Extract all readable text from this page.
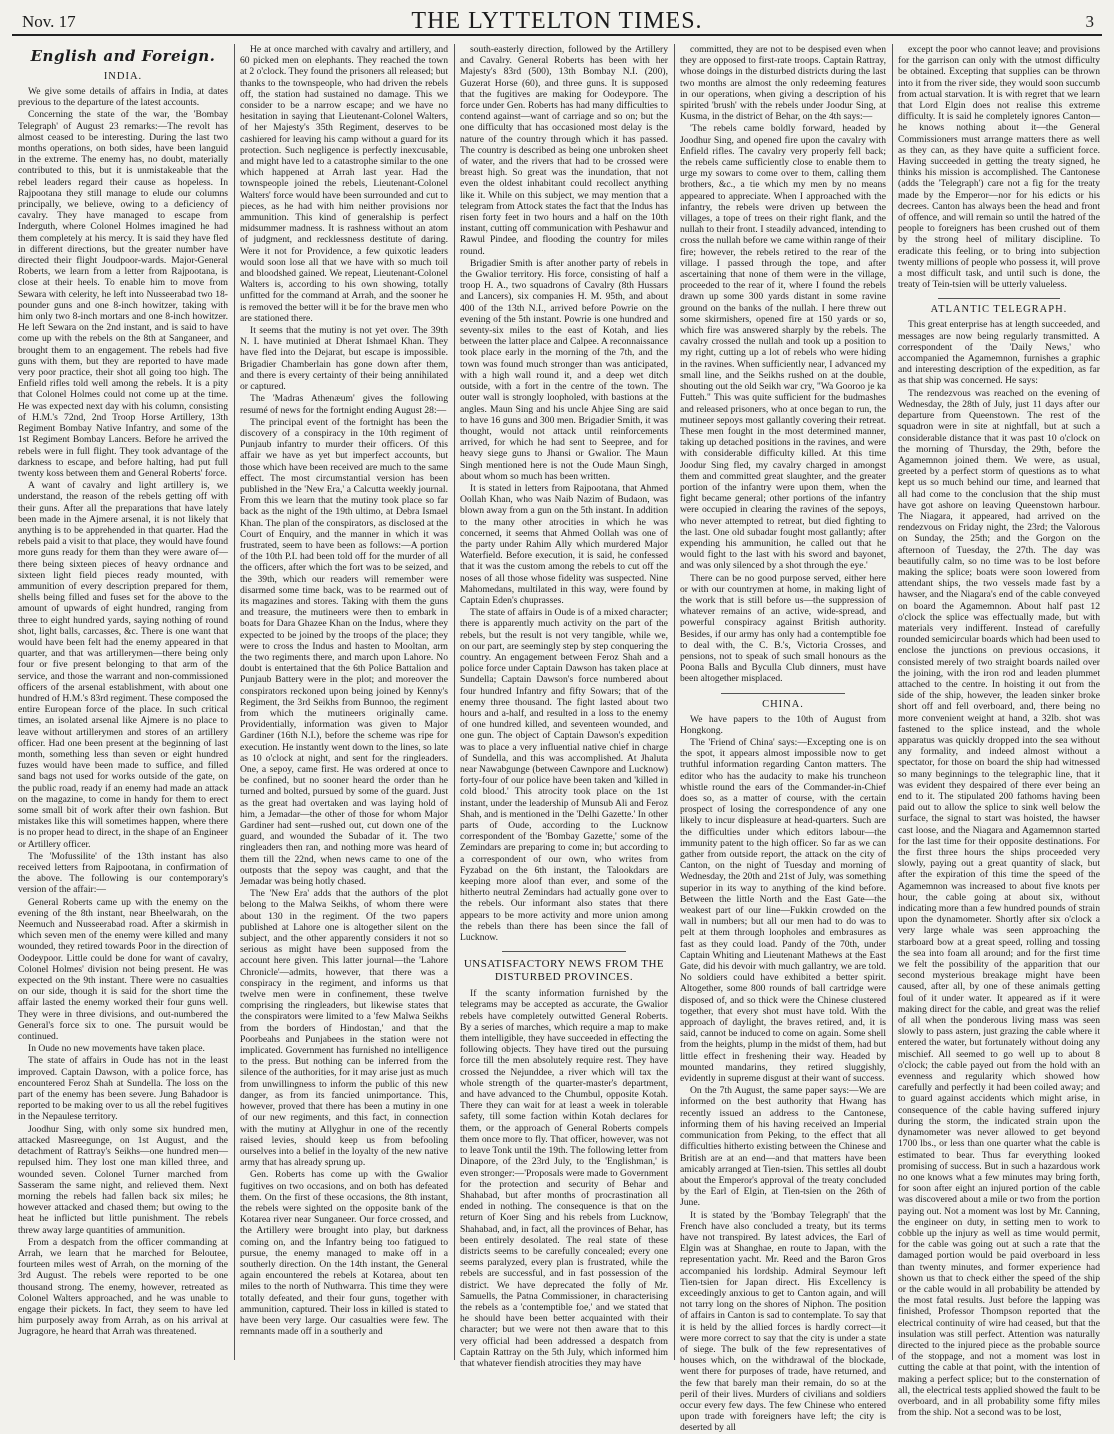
Nov. 17	THE LYTTELTON TIMES.	3
English and Foreign.
INDIA.

We give some details of affairs in India, at dates previous to the departure of the latest accounts.

Concerning the state of the war, the 'Bombay Telegraph' of August 23 remarks:—The revolt has almost ceased to be interesting. During the last two months operations, on both sides, have been languid in the extreme. The enemy has, no doubt, materially contributed to this, but it is unmistakeable that the rebel leaders regard their cause as hopeless. In Rajpootana they still manage to elude our columns principally, we believe, owing to a deficiency of cavalry. They have managed to escape from Inderguth, where Colonel Holmes imagined he had them completely at his mercy. It is said they have fled in different directions, but the greater number have directed their flight Joudpoor-wards. Major-General Roberts, we learn from a letter from Rajpootana, is close at their heels. To enable him to move from Sewara with celerity, he left into Nusseerabad two 18-pounder guns and one 8-inch howitzer, taking with him only two 8-inch mortars and one 8-inch howitzer. He left Sewara on the 2nd instant, and is said to have come up with the rebels on the 8th at Sanganeer, and brought them to an engagement. The rebels had five guns with them, but they are reported to have made very poor practice, their shot all going too high. The Enfield rifles told well among the rebels. It is a pity that Colonel Holmes could not come up at the time. He was expected next day with his column, consisting of H.M.'s 72nd, 2nd Troop Horse Artillery, 13th Regiment Bombay Native Infantry, and some of the 1st Regiment Bombay Lancers. Before he arrived the rebels were in full flight. They took advantage of the darkness to escape, and before halting, had put full twenty koss between them and General Roberts' force.

A want of cavalry and light artillery is, we understand, the reason of the rebels getting off with their guns. After all the preparations that have lately been made in the Ajmere arsenal, it is not likely that anything is to be apprehended in that quarter. Had the rebels paid a visit to that place, they would have found more guns ready for them than they were aware of—there being sixteen pieces of heavy ordnance and sixteen light field pieces ready mounted, with ammunition of every description prepared for them, shells being filled and fuses set for the above to the amount of upwards of eight hundred, ranging from three to eight hundred yards, saying nothing of round shot, light balls, carcasses, &c. There is one want that would have been felt had the enemy appeared in that quarter, and that was artillerymen—there being only four or five present belonging to that arm of the service, and those the warrant and non-commissioned officers of the arsenal establishment, with about one hundred of H.M.'s 83rd regiment. These composed the entire European force of the place. In such critical times, an isolated arsenal like Ajmere is no place to leave without artillerymen and stores of an artillery officer. Had one been present at the beginning of last month, something less than seven or eight hundred fuzes would have been made to suffice, and filled sand bags not used for works outside of the gate, on the public road, ready if an enemy had made an attack on the magazine, to come in handy for them to erect some small bit of work after their own fashion. But mistakes like this will sometimes happen, where there is no proper head to direct, in the shape of an Engineer or Artillery officer.

The 'Mofussilite' of the 13th instant has also received letters from Rajpootana, in confirmation of the above. The following is our contemporary's version of the affair:—

General Roberts came up with the enemy on the evening of the 8th instant, near Bheelwarah, on the Neemuch and Nusseerabad road. After a skirmish in which seven men of the enemy were killed and many wounded, they retired towards Poor in the direction of Oodeypoor. Little could be done for want of cavalry, Colonel Holmes' division not being present. He was expected on the 9th instant. There were no casualties on our side, though it is said for the short time the affair lasted the enemy worked their four guns well. They were in three divisions, and out-numbered the General's force six to one. The pursuit would be continued.

In Oude no new movements have taken place.

The state of affairs in Oude has not in the least improved. Captain Dawson, with a police force, has encountered Feroz Shah at Sundella. The loss on the part of the enemy has been severe. Jung Bahadoor is reported to be making over to us all the rebel fugitives in the Nepaulese territory.

Joodhur Sing, with only some six hundred men, attacked Masreegunge, on 1st August, and the detachment of Rattray's Seikhs—one hundred men—repulsed him. They lost one man killed three, and wounded seven. Colonel Turner marched from Sasseram the same night, and relieved them. Next morning the rebels had fallen back six miles; he however attacked and chased them; but owing to the heat he inflicted but little punishment. The rebels threw away large quantities of ammunition.

From a despatch from the officer commanding at Arrah, we learn that he marched for Beloutee, fourteen miles west of Arrah, on the morning of the 3rd August. The rebels were reported to be one thousand strong. The enemy, however, retreated as Colonel Walters approached, and he was unable to engage their pickets. In fact, they seem to have led him purposely away from Arrah, as on his arrival at Jugragore, he heard that Arrah was threatened.

He at once marched with cavalry and artillery, and 60 picked men on elephants. They reached the town at 2 o'clock. They found the prisoners all released; but thanks to the townspeople, who had driven the rebels off, the station had sustained no damage. This we consider to be a narrow escape; and we have no hesitation in saying that Lieutenant-Colonel Walters, of her Majesty's 35th Regiment, deserves to be cashiered for leaving his camp without a guard for its protection. Such negligence is perfectly inexcusable, and might have led to a catastrophe similar to the one which happened at Arrah last year. Had the townspeople joined the rebels, Lieutenant-Colonel Walters' force would have been surrounded and cut to pieces, as he had with him neither provisions nor ammunition. This kind of generalship is perfect midsummer madness. It is rashness without an atom of judgment, and recklessness destitute of daring. Were it not for Providence, a few quixotic leaders would soon lose all that we have with so much toil and bloodshed gained. We repeat, Lieutenant-Colonel Walters is, according to his own showing, totally unfitted for the command at Arrah, and the sooner he is removed the better will it be for the brave men who are stationed there.

It seems that the mutiny is not yet over. The 39th N. I. have mutinied at Dherat Ishmael Khan. They have fled into the Dejarat, but escape is impossible. Brigadier Chamberlain has gone down after them, and there is every certainty of their being annihilated or captured.

The 'Madras Athenæum' gives the following resumé of news for the fortnight ending August 28:—

The principal event of the fortnight has been the discovery of a conspiracy in the 10th regiment of Punjaub infantry to murder their officers. Of this affair we have as yet but imperfect accounts, but those which have been received are much to the same effect. The most circumstantial version has been published in the 'New Era,' a Calcutta weekly journal. From this we learn that the mutiny took place so far back as the night of the 19th ultimo, at Debra Ismael Khan. The plan of the conspirators, as disclosed at the Court of Enquiry, and the manner in which it was frustrated, seem to have been as follows:—A portion of the 10th P.I. had been told off for the murder of all the officers, after which the fort was to be seized, and the 39th, which our readers will remember were disarmed some time back, was to be rearmed out of its magazines and stores. Taking with them the guns and treasure, the mutineers were then to embark in boats for Dara Ghazee Khan on the Indus, where they expected to be joined by the troops of the place; they were to cross the Indus and hasten to Mooltan, arm the two regiments there, and march upon Lahore. No doubt is entertained that the 6th Police Battalion and Punjaub Battery were in the plot; and moreover the conspirators reckoned upon being joined by Kenny's Regiment, the 3rd Seikhs from Bunnoo, the regiment from which the mutineers originally came. Providentially, information was given to Major Gardiner (16th N.I.), before the scheme was ripe for execution. He instantly went down to the lines, so late as 10 o'clock at night, and sent for the ringleaders. One, a sepoy, came first. He was ordered at once to be confined, but no sooner heard the order than he turned and bolted, pursued by some of the guard. Just as the great had overtaken and was laying hold of him, a Jemadar—the other of those for whom Major Gardiner had sent—rushed out, cut down one of the guard, and wounded the Subadar of it. The two ringleaders then ran, and nothing more was heard of them till the 22nd, when news came to one of the outposts that the sepoy was caught, and that the Jemadar was being hotly chased.

The 'New Era' adds that the authors of the plot belong to the Malwa Seikhs, of whom there were about 130 in the regiment. Of the two papers published at Lahore one is altogether silent on the subject, and the other apparently considers it not so serious as might have been supposed from the account here given. This latter journal—the 'Lahore Chronicle'—admits, however, that there was a conspiracy in the regiment, and informs us that twelve men were in confinement, these twelve comprising the ringleaders, but likewise states that the conspirators were limited to a 'few Malwa Seikhs from the borders of Hindostan,' and that the Poorbeahs and Punjabees in the station were not implicated. Government has furnished no intelligence to the press. But nothing can be inferred from the silence of the authorities, for it may arise just as much from unwillingness to inform the public of this new danger, as from its fancied unimportance. This, however, proved that there has been a mutiny in one of our new regiments, and this fact, in connection with the mutiny at Allyghur in one of the recently raised levies, should keep us from befooling ourselves into a belief in the loyalty of the new native army that has already sprung up.

Gen. Roberts has come up with the Gwalior fugitives on two occasions, and on both has defeated them. On the first of these occasions, the 8th instant, the rebels were sighted on the opposite bank of the Kotarea river near Sunganeer. Our force crossed, and the Artillery were brought into play, but darkness coming on, and the Infantry being too fatigued to pursue, the enemy managed to make off in a southerly direction. On the 14th instant, the General again encountered the rebels at Kotarea, about ten miles to the north of Nuthwarra. This time they were totally defeated, and their four guns, together with ammunition, captured. Their loss in killed is stated to have been very large. Our casualties were few. The remnants made off in a southerly and

south-easterly direction, followed by the Artillery and Cavalry. General Roberts has been with her Majesty's 83rd (500), 13th Bombay N.I. (200), Guzerat Horse (60), and three guns. It is supposed that the fugitives are making for Oodeypore. The force under Gen. Roberts has had many difficulties to contend against—want of carriage and so on; but the one difficulty that has occasioned most delay is the nature of the country through which it has passed. The country is described as being one unbroken sheet of water, and the rivers that had to be crossed were breast high. So great was the inundation, that not even the oldest inhabitant could recollect anything like it. While on this subject, we may mention that a telegram from Attock states the fact that the Indus has risen forty feet in two hours and a half on the 10th instant, cutting off communication with Peshawur and Rawul Pindee, and flooding the country for miles round.

Brigadier Smith is after another party of rebels in the Gwalior territory. His force, consisting of half a troop H. A., two squadrons of Cavalry (8th Hussars and Lancers), six companies H. M. 95th, and about 400 of the 13th N.I., arrived before Powrie on the evening of the 5th instant. Powrie is one hundred and seventy-six miles to the east of Kotah, and lies between the latter place and Calpee. A reconnaissance took place early in the morning of the 7th, and the town was found much stronger than was anticipated, with a high wall round it, and a deep wet ditch outside, with a fort in the centre of the town. The outer wall is strongly loopholed, with bastions at the angles. Maun Sing and his uncle Ahjee Sing are said to have 16 guns and 300 men. Brigadier Smith, it was thought, would not attack until reinforcements arrived, for which he had sent to Seepree, and for heavy siege guns to Jhansi or Gwalior. The Maun Singh mentioned here is not the Oude Maun Singh, about whom so much has been written.

It is stated in letters from Rajpootana, that Ahmed Oollah Khan, who was Naib Nazim of Budaon, was blown away from a gun on the 5th instant. In addition to the many other atrocities in which he was concerned, it seems that Ahmed Oollah was one of the party under Rahim Ally which murdered Major Waterfield. Before execution, it is said, he confessed that it was the custom among the rebels to cut off the noses of all those whose fidelity was suspected. Nine Mahomedans, multilated in this way, were found by Captain Eden's chuprasses.

The state of affairs in Oude is of a mixed character; there is apparently much activity on the part of the rebels, but the result is not very tangible, while we, on our part, are seemingly step by step conquering the country. An engagement between Feroz Shah and a police force under Captain Dawson has taken place at Sundella; Captain Dawson's force numbered about four hundred Infantry and fifty Sowars; that of the enemy three thousand. The fight lasted about two hours and a-half, and resulted in a loss to the enemy of one hundred killed, and seventeen wounded, and one gun. The object of Captain Dawson's expedition was to place a very influential native chief in charge of Sundella, and this was accomplished. At Jhaluta near Nawabgunge (between Cawnpore and Lucknow) forty-four of our police have been taken and 'killed in cold blood.' This atrocity took place on the 1st instant, under the leadership of Munsub Ali and Feroz Shah, and is mentioned in the 'Delhi Gazette.' In other parts of Oude, according to the Lucknow correspondent of the 'Bombay Gazette,' some of the Zemindars are preparing to come in; but according to a correspondent of our own, who writes from Fyzabad on the 6th instant, the Talookdars are keeping more aloof than ever, and some of the hitherto neutral Zemindars had actually gone over to the rebels. Our informant also states that there appears to be more activity and more union among the rebels than there has been since the fall of Lucknow.

UNSATISFACTORY NEWS FROM THE DISTURBED PROVINCES.

If the scanty information furnished by the telegrams may be accepted as accurate, the Gwalior rebels have completely outwitted General Roberts. By a series of marches, which require a map to make them intelligible, they have succeeded in effecting the following objects. They have tired out the pursuing force till the men absolutely require rest. They have crossed the Nejunddee, a river which will tax the whole strength of the quarter-master's department, and have advanced to the Chumbul, opposite Kotah. There they can wait for at least a week in tolerable safety, till some faction within Kotah declares for them, or the approach of General Roberts compels them once more to fly. That officer, however, was not to leave Tonk until the 19th. The following letter from Dinapore, of the 23rd July, to the 'Englishman,' is even stronger:—'Proposals were made to Government for the protection and security of Behar and Shahabad, but after months of procrastination all ended in nothing. The consequence is that on the return of Koer Sing and his rebels from Lucknow, Shahabad, and, in fact, all the provinces of Behar, has been entirely desolated. The real state of these districts seems to be carefully concealed; every one seems paralyzed, every plan is frustrated, while the rebels are successful, and in fast possession of the district. We have deprecated the folly of Mr. Samuells, the Patna Commissioner, in characterising the rebels as a 'contemptible foe,' and we stated that he should have been better acquainted with their character; but we were not then aware that to this very official had been addressed a despatch from Captain Rattray on the 5th July, which informed him that whatever fiendish atrocities they may have

committed, they are not to be despised even when they are opposed to first-rate troops. Captain Rattray, whose doings in the disturbed districts during the last two months are almost the only redeeming features in our operations, when giving a description of his spirited 'brush' with the rebels under Joodur Sing, at Kusma, in the district of Behar, on the 4th says:—

'The rebels came boldly forward, headed by Joodhur Sing, and opened fire upon the cavalry with Enfield rifles. The cavalry very properly fell back; the rebels came sufficiently close to enable them to urge my sowars to come over to them, calling them brothers, &c., a tie which my men by no means appeared to appreciate. When I approached with the infantry, the rebels were driven up between the villages, a tope of trees on their right flank, and the nullah to their front. I steadily advanced, intending to cross the nullah before we came within range of their fire; however, the rebels retired to the rear of the village. I passed through the tope, and after ascertaining that none of them were in the village, proceeded to the rear of it, where I found the rebels drawn up some 300 yards distant in some ravine ground on the banks of the nullah. I here threw out some skirmishers, opened fire at 150 yards or so, which fire was answered sharply by the rebels. The cavalry crossed the nullah and took up a position to my right, cutting up a lot of rebels who were hiding in the ravines. When sufficiently near, I advanced my small line, and the Seikhs rushed on at the double, shouting out the old Seikh war cry, "Wa Gooroo je ka Futteh." This was quite sufficient for the budmashes and released prisoners, who at once began to run, the mutineer sepoys most gallantly covering their retreat. These men fought in the most determined manner, taking up detached positions in the ravines, and were with considerable difficulty killed. At this time Joodur Sing fled, my cavalry charged in amongst them and committed great slaughter, and the greater portion of the infantry were upon them, when the fight became general; other portions of the infantry were occupied in clearing the ravines of the sepoys, who never attempted to retreat, but died fighting to the last. One old subadar fought most gallantly; after expending his ammunition, he called out that he would fight to the last with his sword and bayonet, and was only silenced by a shot through the eye.'

There can be no good purpose served, either here or with our countrymen at home, in making light of the work that is still before us—the suppression of whatever remains of an active, wide-spread, and powerful conspiracy against British authority. Besides, if our army has only had a contemptible foe to deal with, the C. B.'s, Victoria Crosses, and pensions, not to speak of such small honours as the Poona Balls and Byculla Club dinners, must have been altogether misplaced.

CHINA.

We have papers to the 10th of August from Hongkong.

The 'Friend of China' says:—Excepting one is on the spot, it appears almost impossible now to get truthful information regarding Canton matters. The editor who has the audacity to make his truncheon whistle round the ears of the Commander-in-Chief does so, as a matter of course, with the certain prospect of losing the correspondence of any one likely to incur displeasure at head-quarters. Such are the difficulties under which editors labour—the immunity patent to the high officer. So far as we can gather from outside report, the attack on the city of Canton, on the night of Tuesday and morning of Wednesday, the 20th and 21st of July, was something superior in its way to anything of the kind before. Between the little North and the East Gate—the weakest part of our line—Fukkin crowded on the wall in numbers; but all our men had to do was to pelt at them through loopholes and embrasures as fast as they could load. Pandy of the 70th, under Captain Whiting and Lieutenant Mathews at the East Gate, did his devoir with much gallantry, we are told. No soldiers could have exhibited a better spirit. Altogether, some 800 rounds of ball cartridge were disposed of, and so thick were the Chinese clustered together, that every shot must have told. With the approach of daylight, the braves retired, and, it is said, cannot be induced to come on again. Some shell from the heights, plump in the midst of them, had but little effect in freshening their way. Headed by mounted mandarins, they retired sluggishly, evidently in supreme disgust at their want of success.

On the 7th August, the same paper says:—We are informed on the best authority that Hwang has recently issued an address to the Cantonese, informing them of his having received an Imperial communication from Peking, to the effect that all difficulties hitherto existing between the Chinese and British are at an end—and that matters have been amicably arranged at Tien-tsien. This settles all doubt about the Emperor's approval of the treaty concluded by the Earl of Elgin, at Tien-tsien on the 26th of June.

It is stated by the 'Bombay Telegraph' that the French have also concluded a treaty, but its terms have not transpired. By latest advices, the Earl of Elgin was at Shanghae, en route to Japan, with the representation yacht. Mr. Reed and the Baron Gros accompanied his lordship. Admiral Seymour left Tien-tsien for Japan direct. His Excellency is exceedingly anxious to get to Canton again, and will not tarry long on the shores of Niphon. The position of affairs in Canton is sad to contemplate. To say that it is held by the allied forces is hardly correct—it were more correct to say that the city is under a state of siege. The bulk of the few representatives of houses which, on the withdrawal of the blockade, went there for purposes of trade, have returned, and the few that barely man their remain, do so at the peril of their lives. Murders of civilians and soldiers occur every few days. The few Chinese who entered upon trade with foreigners have left; the city is deserted by all

except the poor who cannot leave; and provisions for the garrison can only with the utmost difficulty be obtained. Excepting that supplies can be thrown into it from the river side, they would soon succumb from actual starvation. It is with regret that we learn that Lord Elgin does not realise this extreme difficulty. It is said he completely ignores Canton—he knows nothing about it—the General Commissioners must arrange matters there as well as they can, as they have quite a sufficient force. Having succeeded in getting the treaty signed, he thinks his mission is accomplished. The Cantonese (adds the 'Telegraph') care not a fig for the treaty made by the Emperor—nor for his edicts or his decrees. Canton has always been the head and front of offence, and will remain so until the hatred of the people to foreigners has been crushed out of them by the strong heel of military discipline. To eradicate this feeling, or to bring into subjection twenty millions of people who possess it, will prove a most difficult task, and until such is done, the treaty of Tein-tsien will be utterly valueless.

ATLANTIC TELEGRAPH.

This great enterprise has at length succeeded, and messages are now being regularly transmitted. A correspondent of the 'Daily News,' who accompanied the Agamemnon, furnishes a graphic and interesting description of the expedition, as far as that ship was concerned. He says:

The rendezvous was reached on the evening of Wednesday, the 28th of July, just 11 days after our departure from Queenstown. The rest of the squadron were in site at nightfall, but at such a considerable distance that it was past 10 o'clock on the morning of Thursday, the 29th, before the Agamemnon joined them. We were, as usual, greeted by a perfect storm of questions as to what kept us so much behind our time, and learned that all had come to the conclusion that the ship must have got ashore on leaving Queenstown harbour. The Niagara, it appeared, had arrived on the rendezvous on Friday night, the 23rd; the Valorous on Sunday, the 25th; and the Gorgon on the afternoon of Tuesday, the 27th. The day was beautifully calm, so no time was to be lost before making the splice; boats were soon lowered from attendant ships, the two vessels made fast by a hawser, and the Niagara's end of the cable conveyed on board the Agamemnon. About half past 12 o'clock the splice was effectually made, but with materials very indifferent. Instead of carefully rounded semicircular boards which had been used to enclose the junctions on previous occasions, it consisted merely of two straight boards nailed over the joining, with the iron rod and leaden plummet attached to the centre. In hoisting it out from the side of the ship, however, the leaden sinker broke short off and fell overboard, and, there being no more convenient weight at hand, a 32lb. shot was fastened to the splice instead, and the whole apparatus was quickly dropped into the sea without any formality, and indeed almost without a spectator, for those on board the ship had witnessed so many beginnings to the telegraphic line, that it was evident they despaired of there ever being an end to it. The stipulated 200 fathoms having been paid out to allow the splice to sink well below the surface, the signal to start was hoisted, the hawser cast loose, and the Niagara and Agamemnon started for the last time for their opposite destinations. For the first three hours the ships proceeded very slowly, paying out a great quantity of slack, but after the expiration of this time the speed of the Agamemnon was increased to about five knots per hour, the cable going at about six, without indicating more than a few hundred pounds of strain upon the dynamometer. Shortly after six o'clock a very large whale was seen approaching the starboard bow at a great speed, rolling and tossing the sea into foam all around; and for the first time we felt the possibility of the apparition that our second mysterious breakage might have been caused, after all, by one of these animals getting foul of it under water. It appeared as if it were making direct for the cable, and great was the relief of all when the ponderous living mass was seen slowly to pass astern, just grazing the cable where it entered the water, but fortunately without doing any mischief. All seemed to go well up to about 8 o'clock; the cable payed out from the hold with an evenness and regularity which showed how carefully and perfectly it had been coiled away; and to guard against accidents which might arise, in consequence of the cable having suffered injury during the storm, the indicated strain upon the dynamometer was never allowed to get beyond 1700 lbs., or less than one quarter what the cable is estimated to bear. Thus far everything looked promising of success. But in such a hazardous work no one knows what a few minutes may bring forth, for soon after eight an injured portion of the cable was discovered about a mile or two from the portion paying out. Not a moment was lost by Mr. Canning, the engineer on duty, in setting men to work to cobble up the injury as well as time would permit, for the cable was going out at such a rate that the damaged portion would be paid overboard in less than twenty minutes, and former experience had shown us that to check either the speed of the ship or the cable would in all probability be attended by the most fatal results. Just before the lapping was finished, Professor Thompson reported that the electrical continuity of wire had ceased, but that the insulation was still perfect. Attention was naturally directed to the injured piece as the probable source of the stoppage, and not a moment was lost in cutting the cable at that point, with the intention of making a perfect splice; but to the consternation of all, the electrical tests applied showed the fault to be overboard, and in all probability some fifty miles from the ship. Not a second was to be lost,
